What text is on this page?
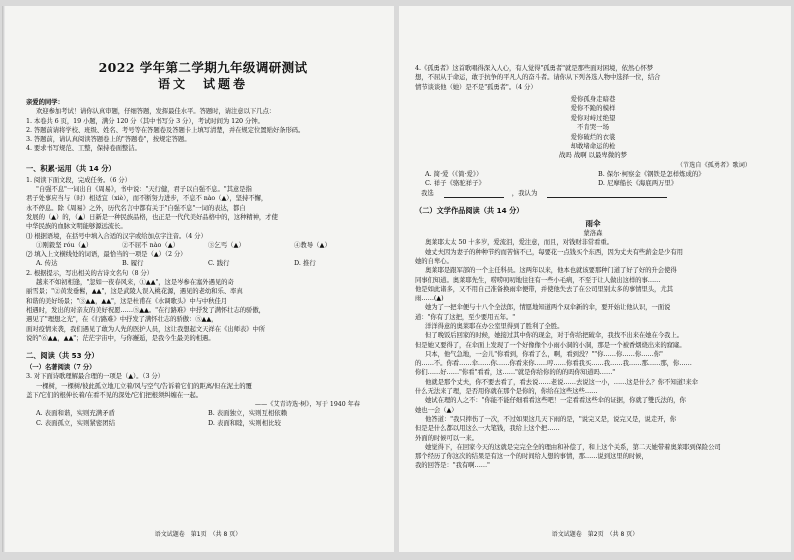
2022 学年第二学期九年级调研测试
语文　试题卷
亲爱的同学：
欢迎参加考试！请你认真审题，仔细答题，发挥最佳水平。答题时，请注意以下几点：
1. 本卷共 6 页，19 小题，满分 120 分（其中书写分 3 分），考试时间为 120 分钟。
2. 答题前请将学校、班级、姓名、考号等在答题卷及答题卡上填写清楚，并在规定位置贴好条形码。
3. 答题前，请认真阅读答题卷上的"答题卷"，按规定答题。
4. 要求书写规范、工整，保持卷面整洁。
一、积累·运用（共 14 分）
1. 阅读下面文段，完成任务。（6 分）
"自强不息"一词出自《周易》，书中说："天行健，君子以自强不息。"其意是指
君子处事应当与（时）相适宜（xiè），而不断努力进步，不息不 nào（▲），坚持不懈，
永不停息。除《周易》之外，历代名言中都有关于"自强不息"一词的表达，都自
发展的（▲）的，（▲）日新是一种民族品格，也正是一代代美好品格中的，这种精神，才使
中华民族的血脉文明能够源远流长。
⑴ 根据语境，在括号中填入合适的汉字或给加点字注音。（4 分）
①刚毅坚 róu（▲）	②不屈不 nào（▲）	③乞丐（▲）	④教导（▲）
⑵ 填入上文横线处的词语，最恰当的一项是（▲）（2 分）
A. 传达	B. 履行	C. 践行	D. 推行
2. 根据提示，写出相关的古诗文名句（8 分）
越来不如初相逢，"忽如一夜春风来，①▲▲"，这是岑参在塞外遇见的奇
丽雪景；"②黄发垂髫，▲▲"，这是武陵人误入桃花源，遇见的老幼和乐、率真
和谐的美好场景；"③▲▲，▲▲"，这是杜甫在《水调歌头》中与中秋佳月
相遇时，发出的对亲友的美好祝愿……⑤▲▲。"在行路难》中抒发了满怀壮志的骄傲，
遇见了"理想之光"，在《行路难》中抒发了满怀壮志的骄傲：⑤▲▲，
面对疫情来袭，我们遇见了敢为人先的医护人员，这让我想起文天祥在《出师表》中所
说的"⑥▲▲，▲▲"；茫茫宇宙中，与你邂逅，是我今生最美的相遇。
二、阅读（共 53 分）
（一）名著阅读（7 分）
3. 对下面诗歌理解最合理的一项是（▲）。（3 分）
一棵树，一棵树/彼此孤立地兀立着/风与空气/告诉着它们的距离/但在泥土的覆
盖下/它们的根伸长着/在看不见的深处/它们把根须纠缠在一起。
——《艾青诗选·树》，写于 1940 年春
A. 表面和谐，实则充满矛盾	B. 表面独立，实则互相依赖
C. 表面孤立，实则紧密团结	D. 表面和睦，实则相比较
语文试题卷　第1页　（共 8 页）
4.《孤勇者》这首歌唱得深入人心，有人觉得"孤勇者"就是那些面对困境，依然心怀梦
想，不屈从于命运，敢于抗争的平凡人的奋斗者。请你从下列各选人物中选择一位，结合
情节谈谈他（她）是不是"孤勇者"。（4 分）
爱你孤身走暗巷
爱你不跪的模样
爱你对峙过绝望
不肯哭一场
爱你破烂的衣裳
却敢堵命运的枪
战吗 战啊 以最卑微的梦
（节选自《孤勇者》歌词）
A. 简·爱（《简·爱》）	B. 保尔·柯察金《钢铁是怎样炼成的》
C. 祥子《骆驼祥子》	D. 尼摩船长《海底两万里》
我选	，我认为
（二）文学作品阅读（共 14 分）
雨伞
蒙洛森
奥莱耶太太 50 十多岁，爱流泪，爱注意，而且，对钱财非常看重。
她丈夫因为妻子的种种节约而苦恼不已，每要花一点钱买个东西，因为丈夫有些薪金是少有用
她的自卑心。
奥莱耶是跟军部的一个主任科员。这两年以来，他本也就该要那种门道了好了好的升会使得
同事们知道。奥莱耶先生，唠唠叨叨地往往有一些小毛病，不至于让人做出这样的事……
他是如此诸多，又不用自己准备换雨伞便带，并使他失去了在公司里别太多的事情里头，尤其
雨……(▲)
她为了一把伞便与十八个全法郎，情愿地知道两个双伞新的伞，要开始让他认识，一面说
道："你有了这把，至少要用五年。"
洋洋得意的奥莱耶在办公室里得到了胜利了全胜。
但了晚饭后回家的时候，她接过其中你的现金，对于你给把破伞，我找不出来在她在今我上。
但是她又要得了，在伞面上发现了一个好像像个小雨小洞的小洞，那是一个被香烟烧出来的窟窿。
只本，他气急地，一会儿"你看到，你看了么，啊，看到没？""你……你……你……你"
的……不。你看……伞……你……你看来你……哼……你看我买……我……我……那……那，你……
你们……好……"你看"看看，这……"就是你给你的的的吗你知道吗……"
他就是那个丈夫，你不要去看了，看去说……老说……去说这一小，……这是什么？你不知道!来伞
什么无法来了理，是否用你就在那个是你的，你给在这些这些……
她试在理的人之不："你能不能仔细看看这些吧！一定看看这些伞的证据，你就了雙氏法的，你
她也一会（▲）
他答道："我只摔伤了一次，不过如果这几天下雨的是，"说完又是，说完又是，说走开，你
但是是什么都以用这么一大笔钱，我给上这个把……
外面的时候可以一来。
她觉得下，在回家今天的这就是完完全全的理由和补偿了，和上这个关系，第二天她带着奥莱耶到保险公司
那个经历了你这次的结果是有这一个的时间给人想的事情，那……说到这里的时候，
我的回答是："我有啊……"
语文试题卷　第2页　（共 8 页）
